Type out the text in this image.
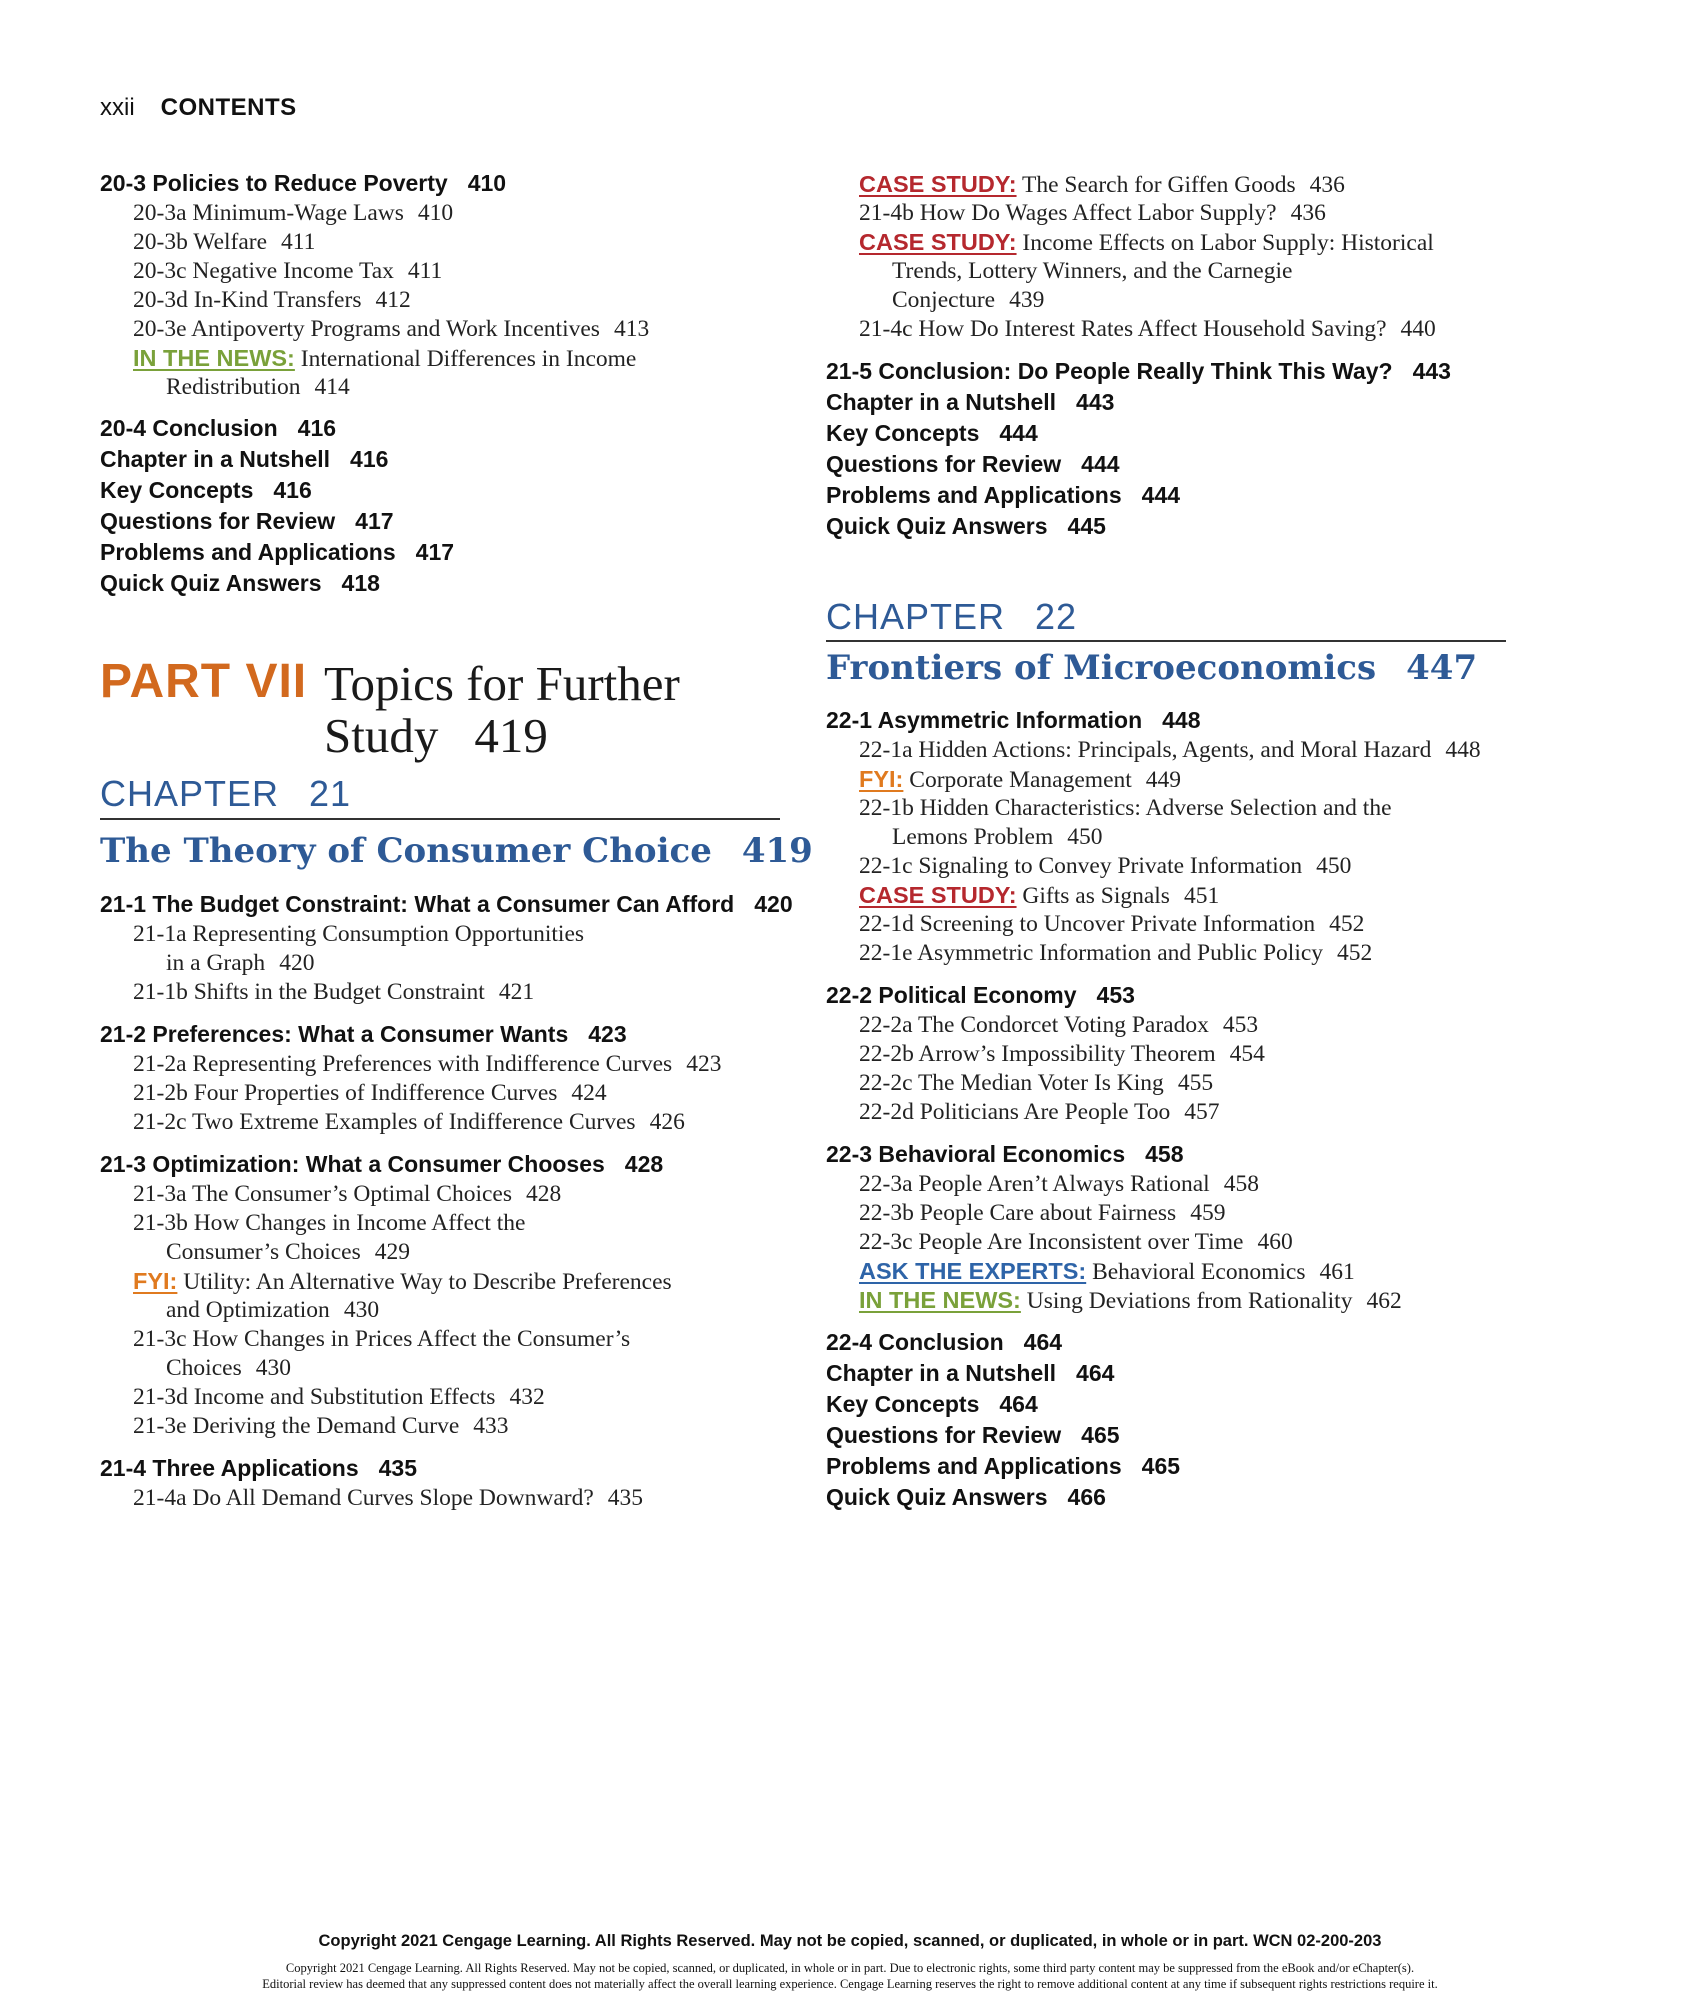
xxii CONTENTS
20-3 Policies to Reduce Poverty 410
20-3a Minimum-Wage Laws 410
20-3b Welfare 411
20-3c Negative Income Tax 411
20-3d In-Kind Transfers 412
20-3e Antipoverty Programs and Work Incentives 413
IN THE NEWS: International Differences in Income
Redistribution 414
20-4 Conclusion 416
Chapter in a Nutshell 416
Key Concepts 416
Questions for Review 417
Problems and Applications 417
Quick Quiz Answers 418
PART VII Topics for Further
Study 419
CHAPTER 21
The Theory of Consumer Choice 419
21-1 The Budget Constraint: What a Consumer Can Afford 420
21-1a Representing Consumption Opportunities
in a Graph 420
21-1b Shifts in the Budget Constraint 421
21-2 Preferences: What a Consumer Wants 423
21-2a Representing Preferences with Indifference Curves 423
21-2b Four Properties of Indifference Curves 424
21-2c Two Extreme Examples of Indifference Curves 426
21-3 Optimization: What a Consumer Chooses 428
21-3a The Consumer’s Optimal Choices 428
21-3b How Changes in Income Affect the
Consumer’s Choices 429
FYI: Utility: An Alternative Way to Describe Preferences
and Optimization 430
21-3c How Changes in Prices Affect the Consumer’s
Choices 430
21-3d Income and Substitution Effects 432
21-3e Deriving the Demand Curve 433
21-4 Three Applications 435
21-4a Do All Demand Curves Slope Downward? 435
CASE STUDY: The Search for Giffen Goods 436
21-4b How Do Wages Affect Labor Supply? 436
CASE STUDY: Income Effects on Labor Supply: Historical
Trends, Lottery Winners, and the Carnegie
Conjecture 439
21-4c How Do Interest Rates Affect Household Saving? 440
21-5 Conclusion: Do People Really Think This Way? 443
Chapter in a Nutshell 443
Key Concepts 444
Questions for Review 444
Problems and Applications 444
Quick Quiz Answers 445
CHAPTER 22
Frontiers of Microeconomics 447
22-1 Asymmetric Information 448
22-1a Hidden Actions: Principals, Agents, and Moral Hazard 448
FYI: Corporate Management 449
22-1b Hidden Characteristics: Adverse Selection and the
Lemons Problem 450
22-1c Signaling to Convey Private Information 450
CASE STUDY: Gifts as Signals 451
22-1d Screening to Uncover Private Information 452
22-1e Asymmetric Information and Public Policy 452
22-2 Political Economy 453
22-2a The Condorcet Voting Paradox 453
22-2b Arrow’s Impossibility Theorem 454
22-2c The Median Voter Is King 455
22-2d Politicians Are People Too 457
22-3 Behavioral Economics 458
22-3a People Aren’t Always Rational 458
22-3b People Care about Fairness 459
22-3c People Are Inconsistent over Time 460
ASK THE EXPERTS: Behavioral Economics 461
IN THE NEWS: Using Deviations from Rationality 462
22-4 Conclusion 464
Chapter in a Nutshell 464
Key Concepts 464
Questions for Review 465
Problems and Applications 465
Quick Quiz Answers 466
Copyright 2021 Cengage Learning. All Rights Reserved. May not be copied, scanned, or duplicated, in whole or in part. WCN 02-200-203
Copyright 2021 Cengage Learning. All Rights Reserved. May not be copied, scanned, or duplicated, in whole or in part. Due to electronic rights, some third party content may be suppressed from the eBook and/or eChapter(s).
Editorial review has deemed that any suppressed content does not materially affect the overall learning experience. Cengage Learning reserves the right to remove additional content at any time if subsequent rights restrictions require it.
